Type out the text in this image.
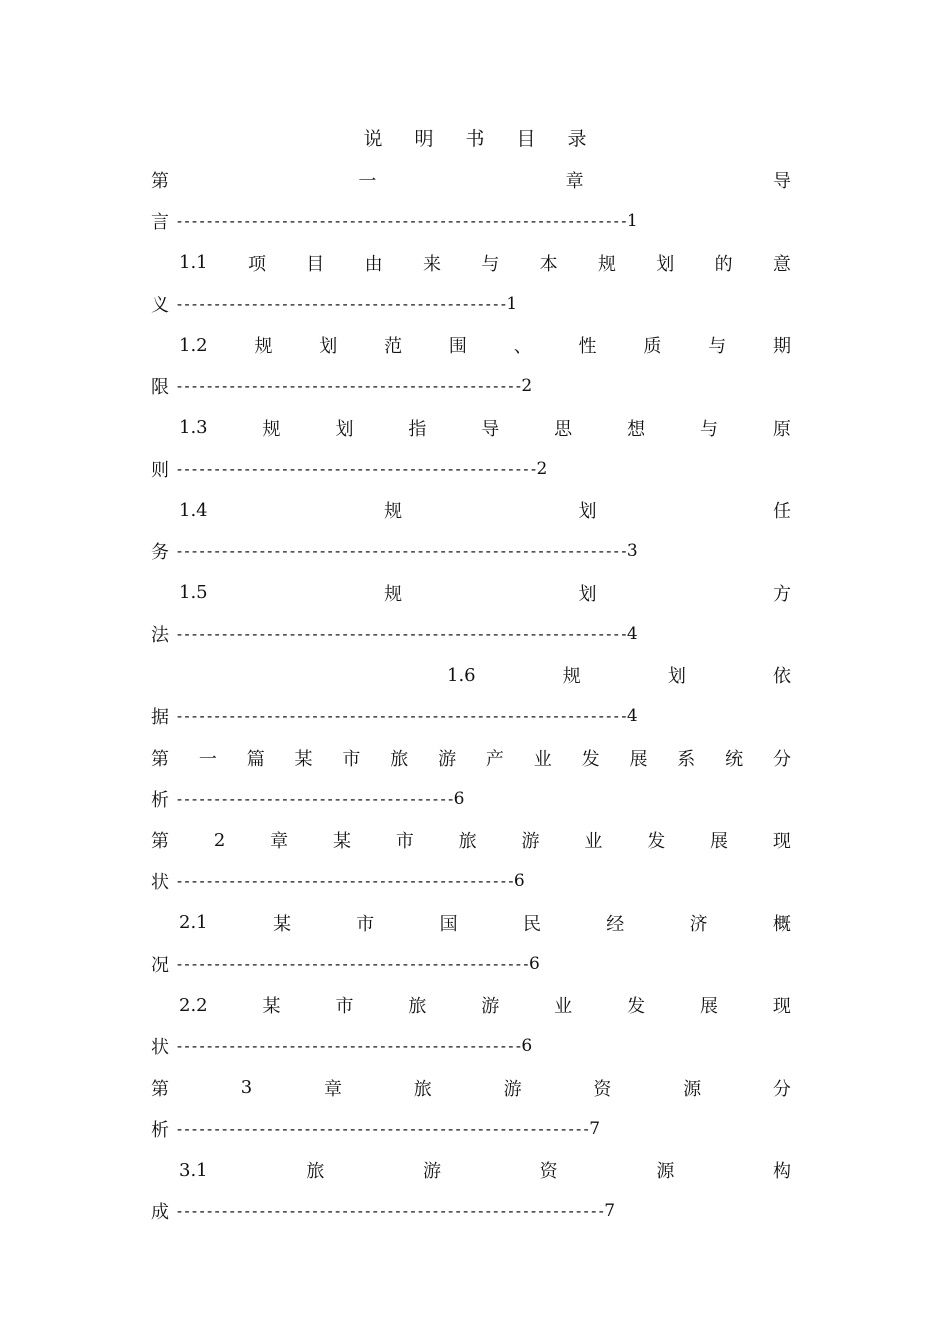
说 明 书 目 录
第	一	章	导
言 ------------------------------------------------------------ 1
1.1 项 目 由 来 与 本 规 划 的 意
义 -------------------------------------------- 1
1.2	规	划	范	围	、	性	质	与	期
限 ---------------------------------------------- 2
1.3	规	划	指	导	思	想	与	原
则 ------------------------------------------------ 2
1.4	规	划	任
务 ------------------------------------------------------------ 3
1.5	规	划	方
法 ------------------------------------------------------------ 4
1.6	规	划	依
据 ------------------------------------------------------------ 4
第 一 篇 某 市 旅 游 产 业 发 展 系 统 分
析 ------------------------------------- 6
第 2 章 某 市 旅 游 业 发 展 现
状 --------------------------------------------- 6
2.1	某	市	国	民	经	济	概
况 ----------------------------------------------- 6
2.2	某	市	旅	游	业	发	展	现
状 ---------------------------------------------- 6
第	3	章	旅	游	资	源	分
析 ------------------------------------------------------- 7
3.1	旅	游	资	源	构
成 --------------------------------------------------------- 7
